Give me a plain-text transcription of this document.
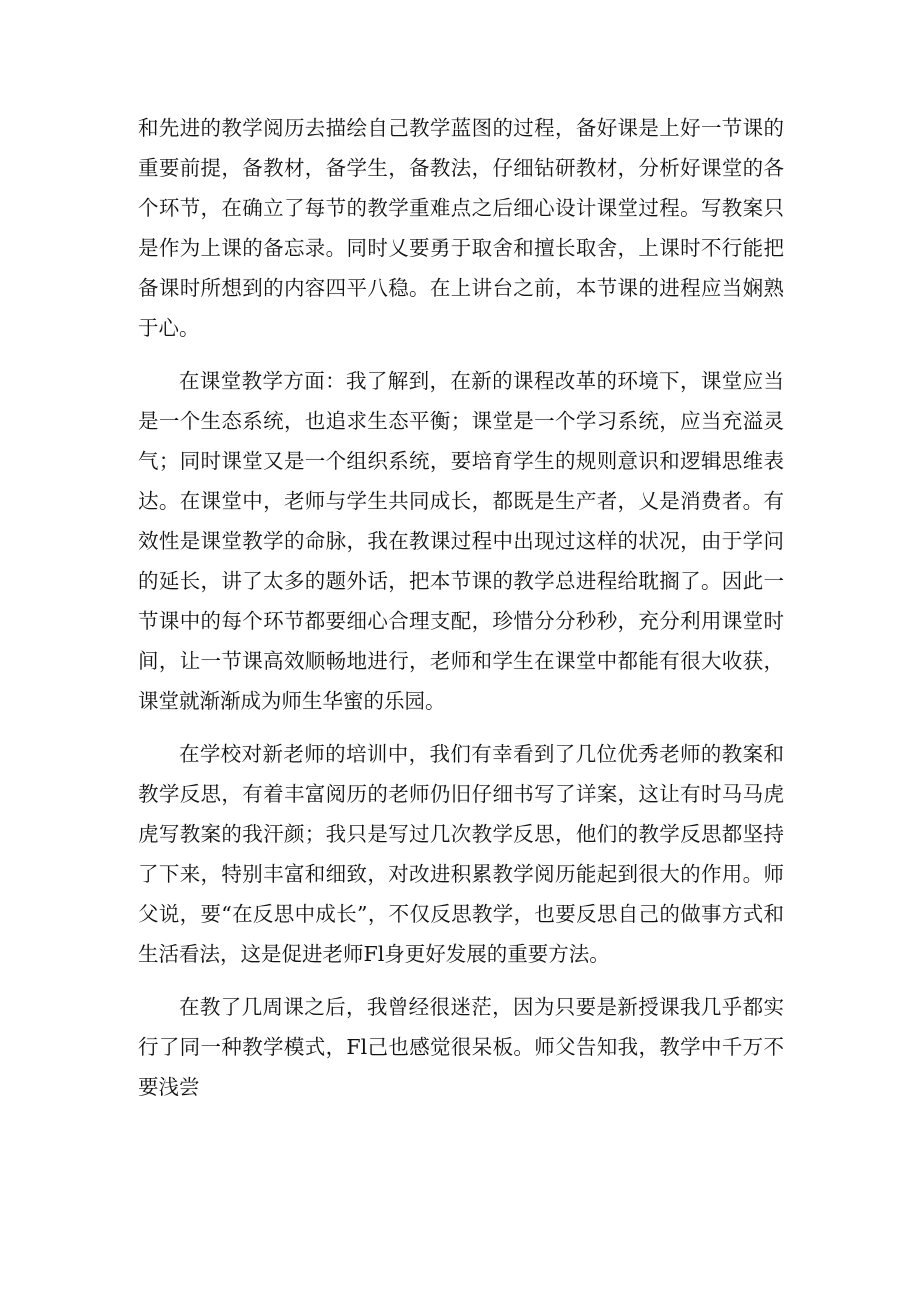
和先进的教学阅历去描绘自己教学蓝图的过程，备好课是上好一节课的重要前提，备教材，备学生，备教法，仔细钻研教材，分析好课堂的各个环节，在确立了每节的教学重难点之后细心设计课堂过程。写教案只是作为上课的备忘录。同时乂要勇于取舍和擅长取舍，上课时不行能把备课时所想到的内容四平八稳。在上讲台之前，本节课的进程应当娴熟于心。

在课堂教学方面：我了解到，在新的课程改革的环境下，课堂应当是一个生态系统，也追求生态平衡；课堂是一个学习系统，应当充溢灵气；同时课堂又是一个组织系统，要培育学生的规则意识和逻辑思维表达。在课堂中，老师与学生共同成长，都既是生产者，乂是消费者。有效性是课堂教学的命脉，我在教课过程中出现过这样的状况，由于学问的延长，讲了太多的题外话，把本节课的教学总进程给耽搁了。因此一节课中的每个环节都要细心合理支配，珍惜分分秒秒，充分利用课堂时间，让一节课高效顺畅地进行，老师和学生在课堂中都能有很大收获，课堂就渐渐成为师生华蜜的乐园。

在学校对新老师的培训中，我们有幸看到了几位优秀老师的教案和教学反思，有着丰富阅历的老师仍旧仔细书写了详案，这让有时马马虎虎写教案的我汗颜；我只是写过几次教学反思，他们的教学反思都坚持了下来，特别丰富和细致，对改进积累教学阅历能起到很大的作用。师父说，要“在反思中成长”，不仅反思教学，也要反思自己的做事方式和生活看法，这是促进老师Fl身更好发展的重要方法。

在教了几周课之后，我曾经很迷茫，因为只要是新授课我几乎都实行了同一种教学模式，Fl己也感觉很呆板。师父告知我，教学中千万不要浅尝
